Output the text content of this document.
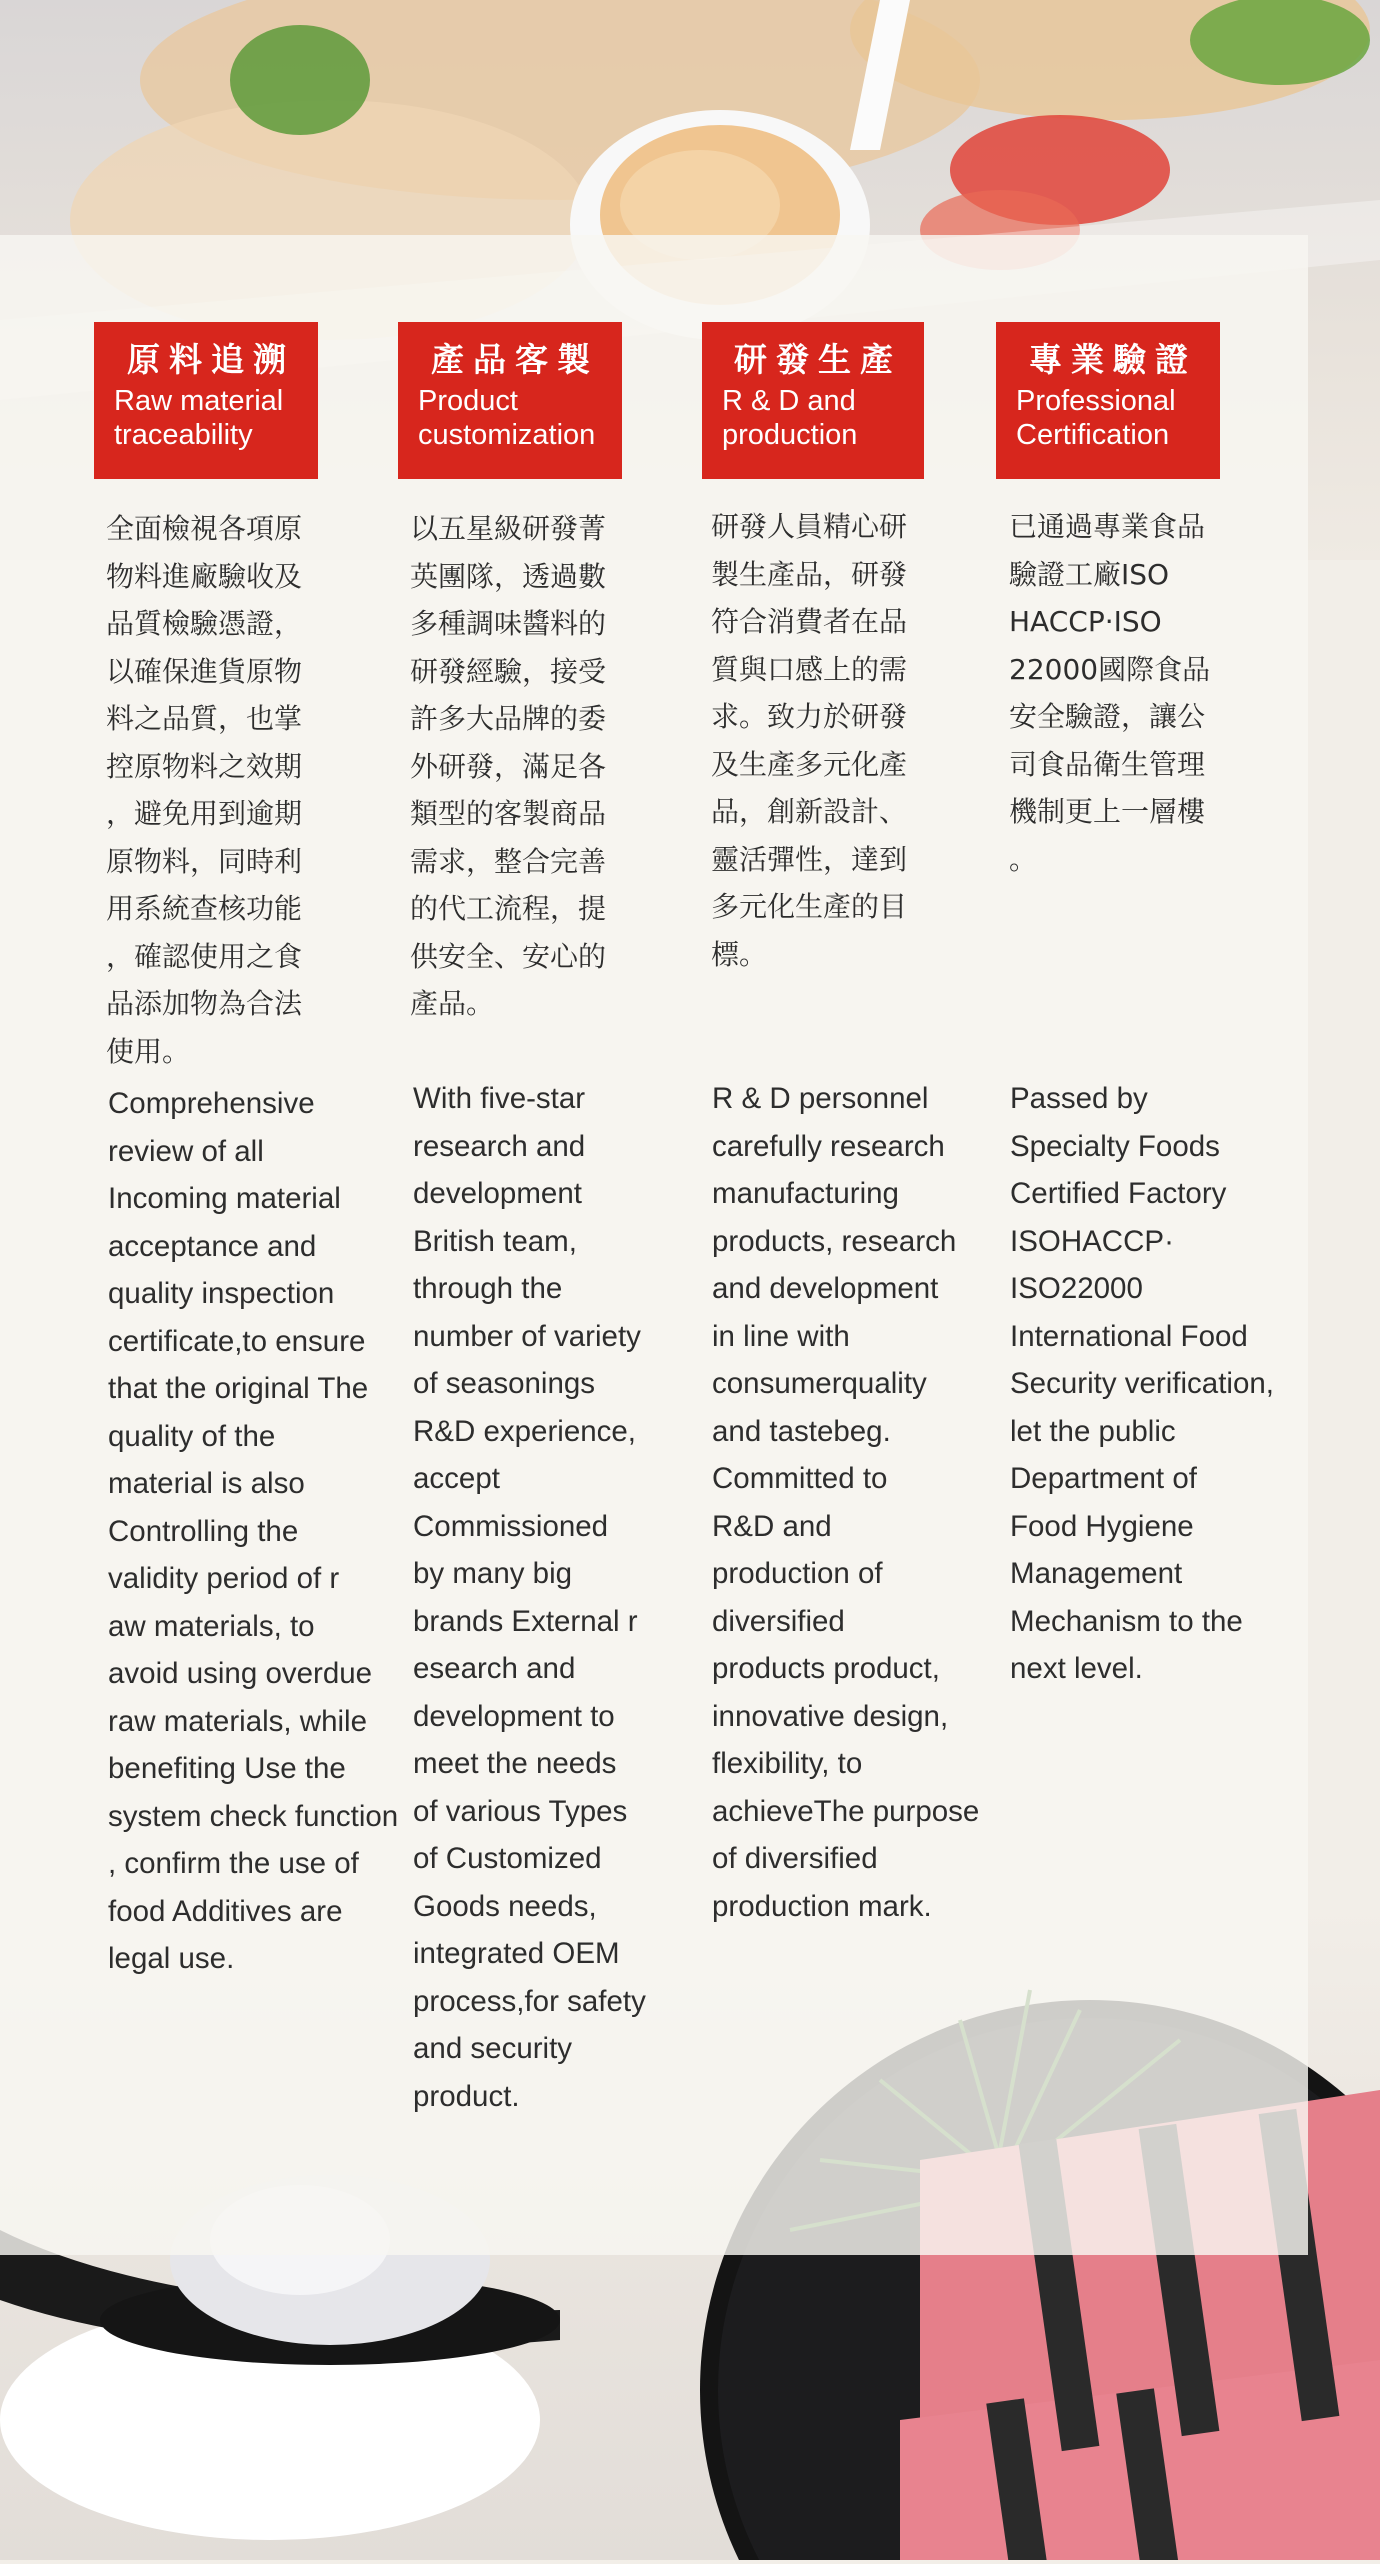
原料追溯
Raw material traceability
全面檢視各項原
物料進廠驗收及
品質檢驗憑證，
以確保進貨原物
料之品質，也掌
控原物料之效期
，避免用到逾期
原物料，同時利
用系統查核功能
，確認使用之食
品添加物為合法
使用。
Comprehensive
review of all
Incoming material
acceptance and
quality inspection
certificate,to ensure
that the original The
quality of the
material is also
Controlling the
validity period of r
aw materials, to
avoid using overdue
raw materials, while
benefiting Use the
system check function
, confirm the use of
food Additives are
legal use.
產品客製
Product customization
以五星級研發菁
英團隊，透過數
多種調味醬料的
研發經驗，接受
許多大品牌的委
外研發，滿足各
類型的客製商品
需求，整合完善
的代工流程，提
供安全、安心的
產品。
With five-star
research and
development
British team,
through the
number of variety
of seasonings
R&D experience,
accept
Commissioned
by many big
brands External r
esearch and
development to
meet the needs
of various Types
of Customized
Goods needs,
integrated OEM
process,for safety
and security
product.
研發生產
R & D and production
研發人員精心研
製生產品，研發
符合消費者在品
質與口感上的需
求。致力於研發
及生產多元化產
品，創新設計、
靈活彈性，達到
多元化生產的目
標。
R & D personnel
carefully research
manufacturing
products, research
and development
in line with
consumerquality
and tastebeg.
Committed to
R&D and
production of
diversified
products product,
innovative design,
flexibility, to
achieveThe purpose
of diversified
production mark.
專業驗證
Professional Certification
已通過專業食品
驗證工廠ISO
HACCP·ISO
22000國際食品
安全驗證，讓公
司食品衛生管理
機制更上一層樓
。
Passed by
Specialty Foods
Certified Factory
ISOHACCP·
ISO22000
International Food
Security verification,
let the public
Department of
Food Hygiene
Management
Mechanism to the
next level.
